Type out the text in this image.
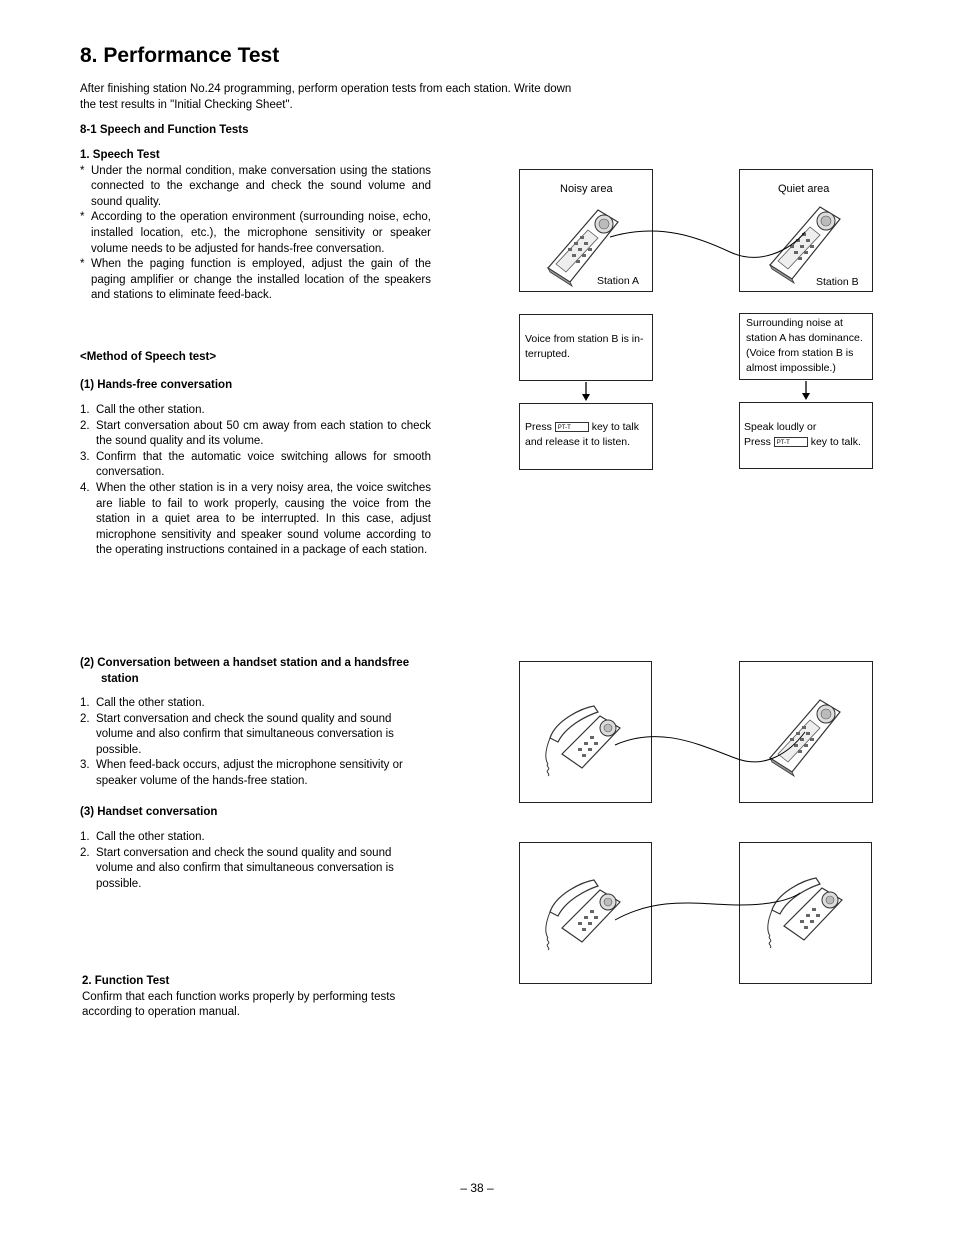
8. Performance Test
After finishing station No.24 programming, perform operation tests from each station. Write down
the test results in "Initial Checking Sheet".
8-1 Speech and Function Tests
1. Speech Test
* Under the normal condition, make conversation using the stations connected to the exchange and check the sound volume and sound quality.
* According to the operation environment (surrounding noise, echo, installed location, etc.), the microphone sensitivity or speaker volume needs to be adjusted for hands-free conversation.
* When the paging function is employed, adjust the gain of the paging amplifier or change the installed location of the speakers and stations to eliminate feed-back.
<Method of Speech test>
(1) Hands-free conversation
1. Call the other station.
2. Start conversation about 50 cm away from each station to check the sound quality and its volume.
3. Confirm that the automatic voice switching allows for smooth conversation.
4. When the other station is in a very noisy area, the voice switches are liable to fail to work properly, causing the voice from the station in a quiet area to be interrupted. In this case, adjust microphone sensitivity and speaker sound volume according to the operating instructions contained in a package of each station.
(2) Conversation between a handset station and a handsfree
station
1. Call the other station.
2. Start conversation and check the sound quality and sound volume and also confirm that simultaneous conversation is possible.
3. When feed-back occurs, adjust the microphone sensitivity or speaker volume of the hands-free station.
(3) Handset conversation
1. Call the other station.
2. Start conversation and check the sound quality and sound volume and also confirm that simultaneous conversation is possible.
2. Function Test
Confirm that each function works properly by performing tests
according to operation manual.
Noisy area
Station A
Quiet area
Station B
Voice from station B is in-
terrupted.
Surrounding noise at
station A has dominance.
(Voice from station B is
almost impossible.)
Press PT-T key to talk
and release it to listen.
Speak loudly or
Press PT-T key to talk.
– 38 –
